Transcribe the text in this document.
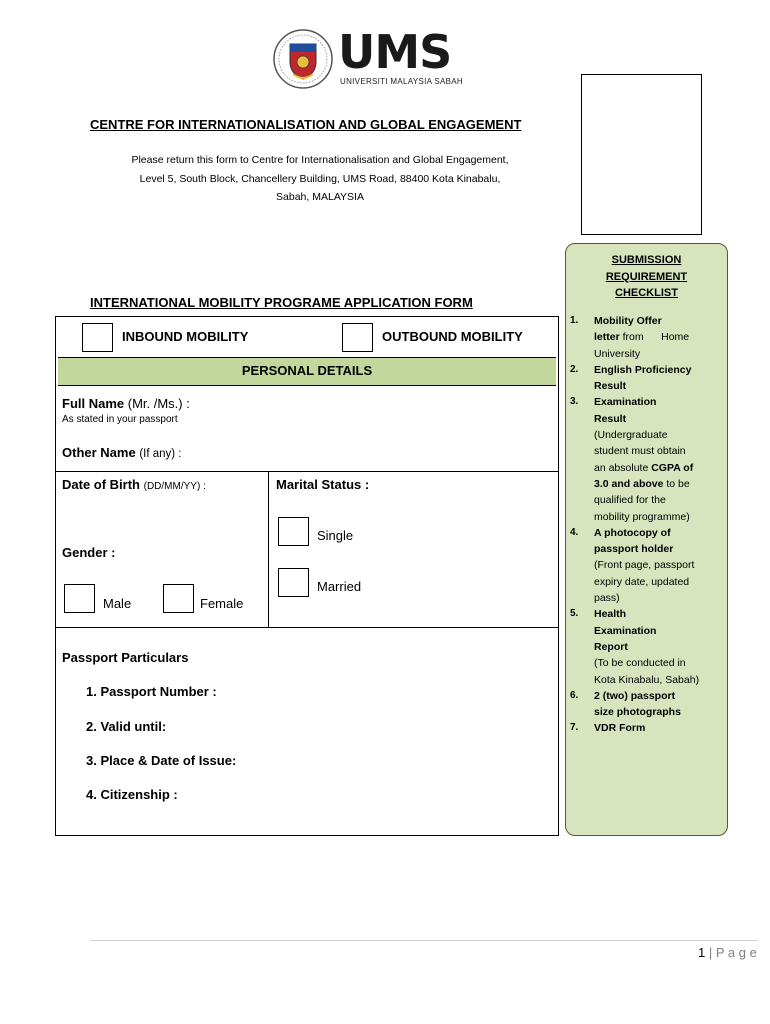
UMS
UNIVERSITI MALAYSIA SABAH
CENTRE FOR INTERNATIONALISATION AND GLOBAL ENGAGEMENT
Please return this form to Centre for Internationalisation and Global Engagement,
Level 5, South Block, Chancellery Building, UMS Road, 88400 Kota Kinabalu,
Sabah, MALAYSIA
INTERNATIONAL MOBILITY PROGRAME APPLICATION FORM
INBOUND MOBILITY	OUTBOUND MOBILITY
PERSONAL DETAILS
Full Name (Mr. /Ms.) :
As stated in your passport
Other Name (If any) :
Date of Birth (DD/MM/YY) :	Marital Status :
Single
Married
Gender :
Male	Female
Passport Particulars
1. Passport Number :
2. Valid until:
3. Place & Date of Issue:
4. Citizenship :
SUBMISSION
REQUIREMENT
CHECKLIST
1. Mobility Offer
letter from      Home
University
2. English Proficiency
Result
3. Examination
Result
(Undergraduate
student must obtain
an absolute CGPA of
3.0 and above to be
qualified for the
mobility programme)
4. A photocopy of
passport holder
(Front page, passport
expiry date, updated
pass)
5. Health
Examination
Report
(To be conducted in
Kota Kinabalu, Sabah)
6. 2 (two) passport
size photographs
7. VDR Form
1 | P a g e
